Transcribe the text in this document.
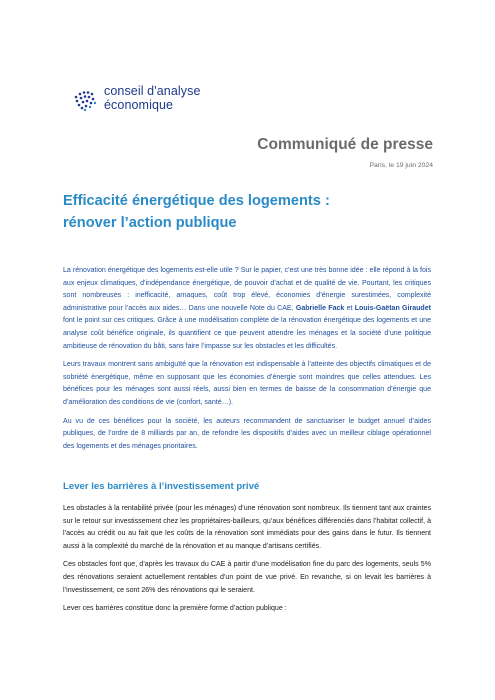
conseil d'analyse
économique
Communiqué de presse
Paris, le 19 juin 2024
Efficacité énergétique des logements :
rénover l’action publique

La rénovation énergétique des logements est-elle utile ? Sur le papier, c’est une très bonne idée : elle répond à la fois aux enjeux climatiques, d’indépendance énergétique, de pouvoir d’achat et de qualité de vie. Pourtant, les critiques sont nombreuses : inefficacité, arnaques, coût trop élevé, économies d’énergie surestimées, complexité administrative pour l’accès aux aides… Dans une nouvelle Note du CAE, Gabrielle Fack et Louis-Gaëtan Giraudet font le point sur ces critiques. Grâce à une modélisation complète de la rénovation énergétique des logements et une analyse coût bénéfice originale, ils quantifient ce que peuvent attendre les ménages et la société d’une politique ambitieuse de rénovation du bâti, sans faire l’impasse sur les obstacles et les difficultés.

Leurs travaux montrent sans ambiguïté que la rénovation est indispensable à l’atteinte des objectifs climatiques et de sobriété énergétique, même en supposant que les économies d’énergie sont moindres que celles attendues. Les bénéfices pour les ménages sont aussi réels, aussi bien en termes de baisse de la consommation d’énergie que d’amélioration des conditions de vie (confort, santé…).

Au vu de ces bénéfices pour la société, les auteurs recommandent de sanctuariser le budget annuel d’aides publiques, de l’ordre de 8 milliards par an, de refondre les dispositifs d’aides avec un meilleur ciblage opérationnel des logements et des ménages prioritaires.

Lever les barrières à l’investissement privé

Les obstacles à la rentabilité privée (pour les ménages) d’une rénovation sont nombreux. Ils tiennent tant aux craintes sur le retour sur investissement chez les propriétaires-bailleurs, qu’aux bénéfices différenciés dans l’habitat collectif, à l’accès au crédit ou au fait que les coûts de la rénovation sont immédiats pour des gains dans le futur. Ils tiennent aussi à la complexité du marché de la rénovation et au manque d’artisans certifiés.

Ces obstacles font que, d’après les travaux du CAE à partir d’une modélisation fine du parc des logements, seuls 5% des rénovations seraient actuellement rentables d’un point de vue privé. En revanche, si on levait les barrières à l’investissement, ce sont 26% des rénovations qui le seraient.

Lever ces barrières constitue donc la première forme d’action publique :
